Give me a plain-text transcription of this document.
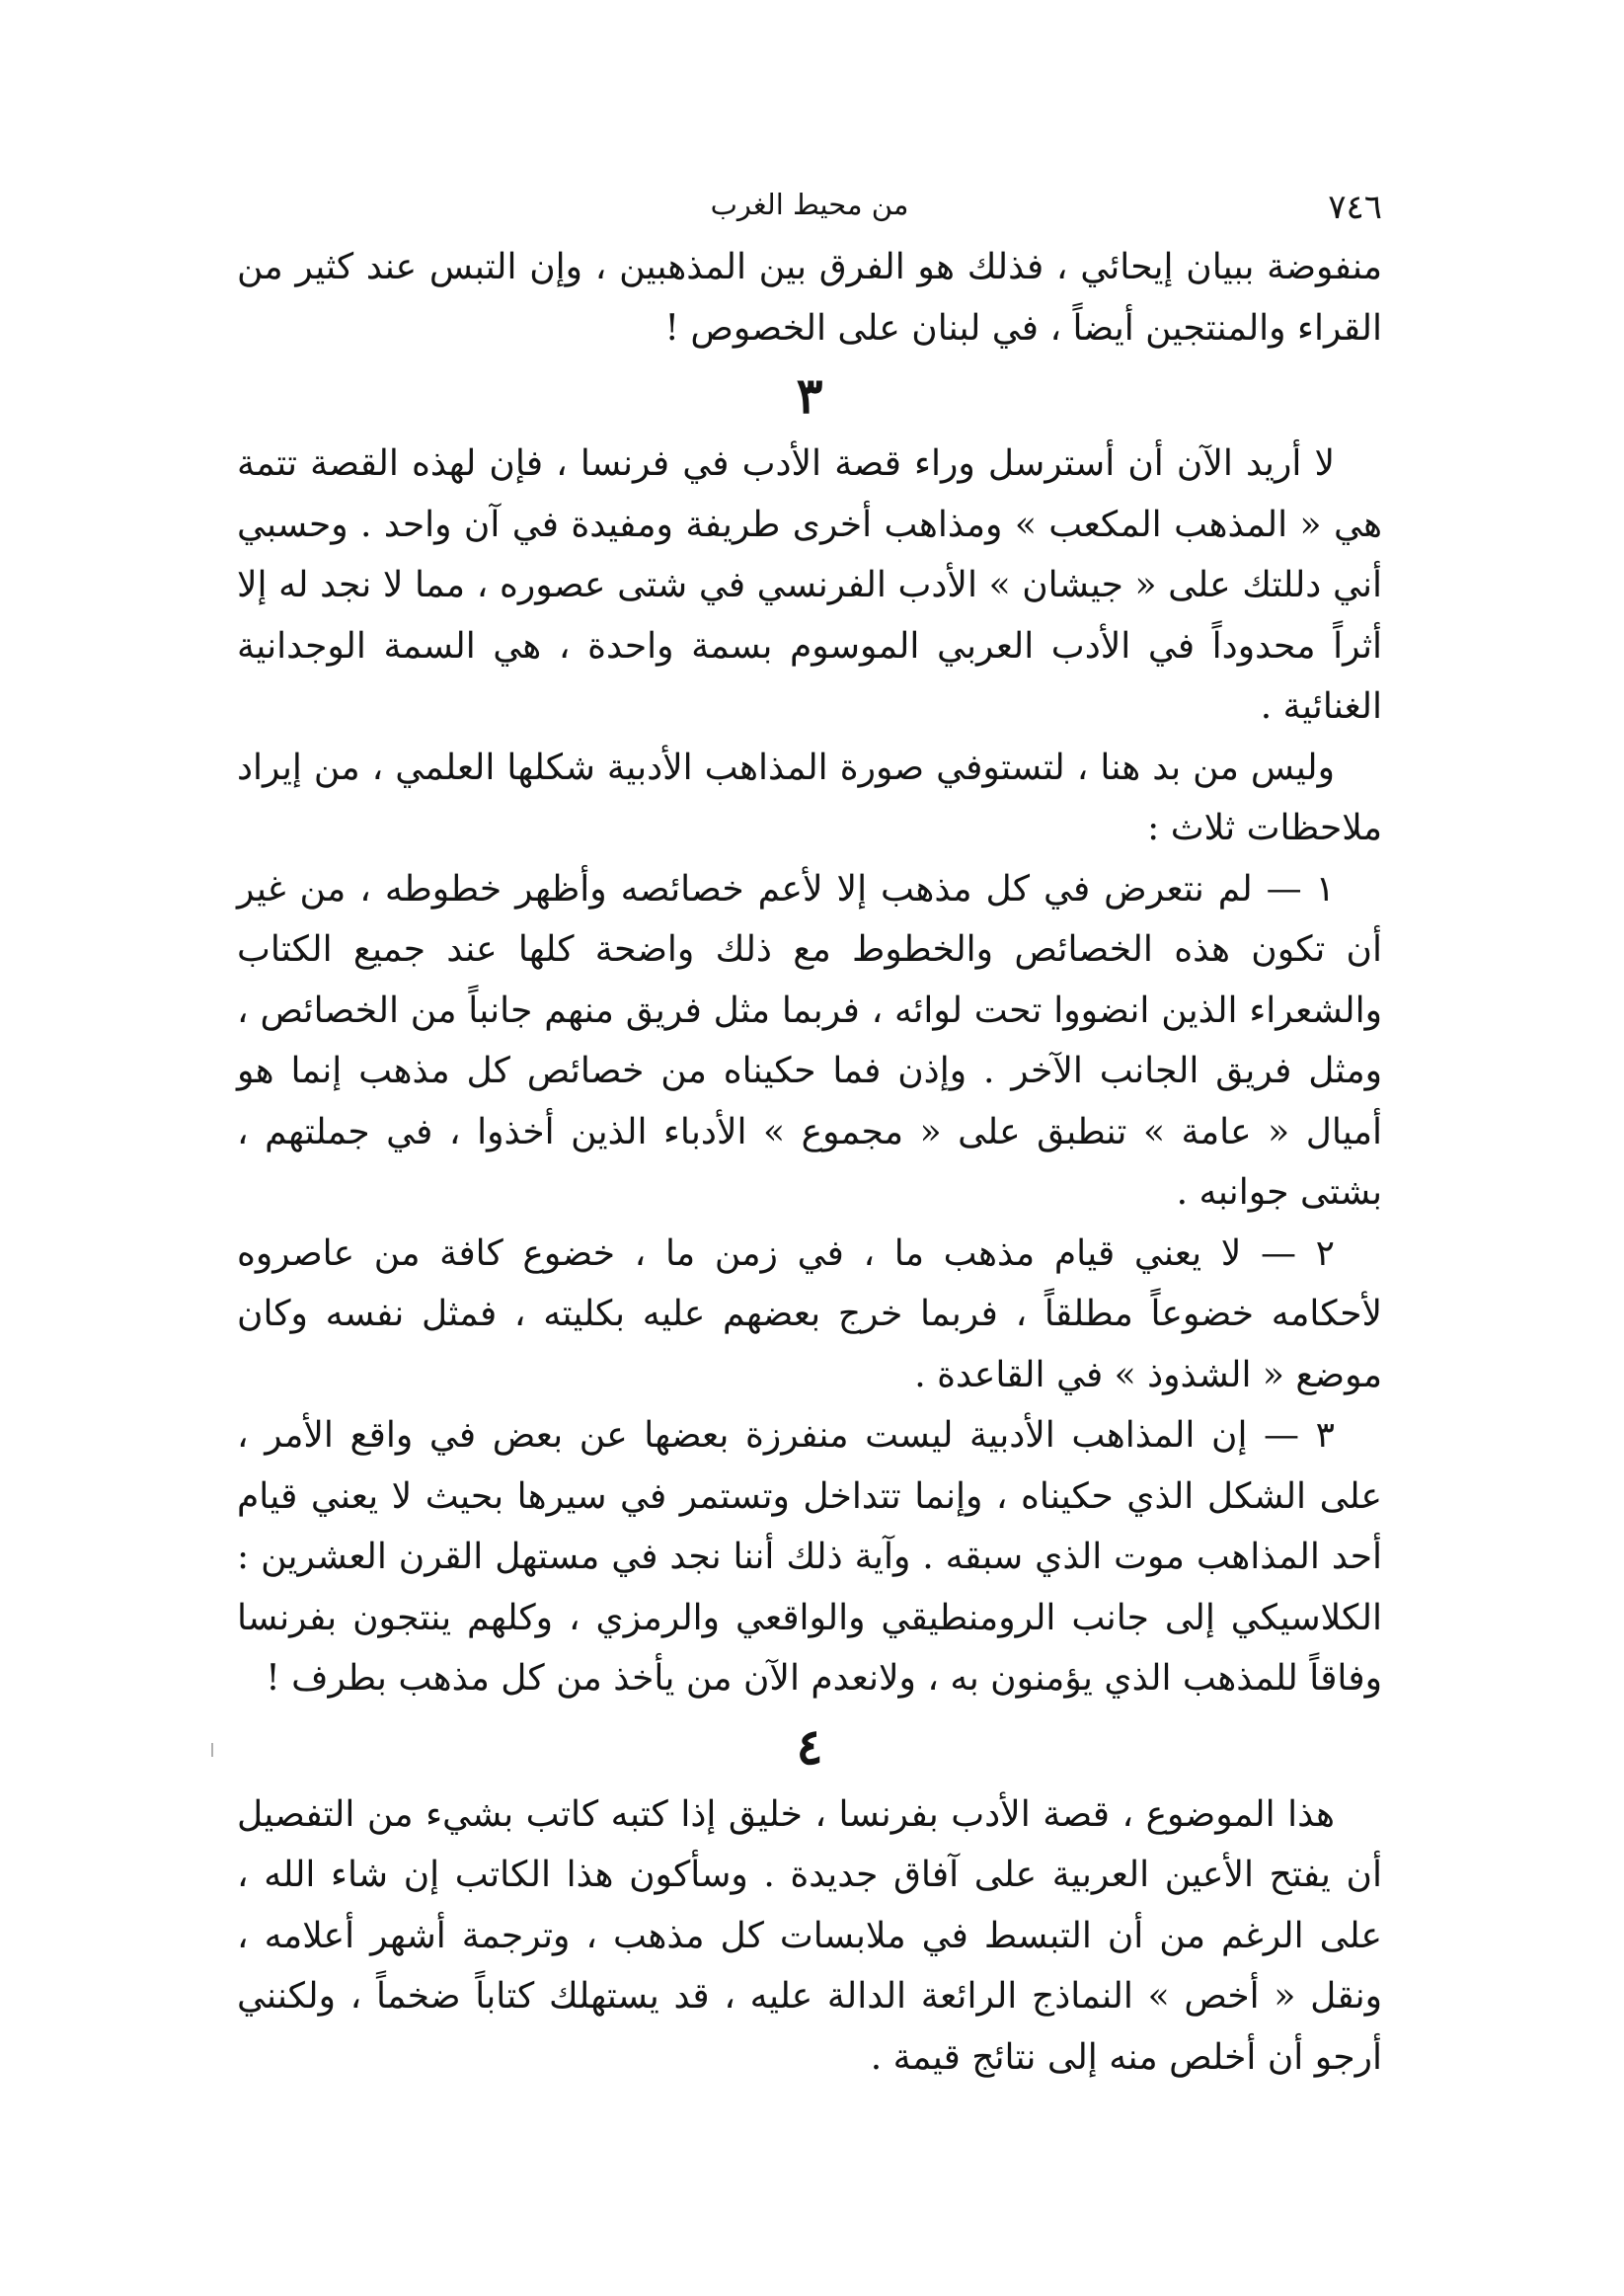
٧٤٦
من محيط الغرب

منفوضة ببيان إيحائي ، فذلك هو الفرق بين المذهبين ، وإن التبس عند كثير من القراء والمنتجين أيضاً ، في لبنان على الخصوص !

٣

لا أريد الآن أن أسترسل وراء قصة الأدب في فرنسا ، فإن لهذه القصة تتمة هي « المذهب المكعب » ومذاهب أخرى طريفة ومفيدة في آن واحد . وحسبي أني دللتك على « جيشان » الأدب الفرنسي في شتى عصوره ، مما لا نجد له إلا أثراً محدوداً في الأدب العربي الموسوم بسمة واحدة ، هي السمة الوجدانية الغنائية .

وليس من بد هنا ، لتستوفي صورة المذاهب الأدبية شكلها العلمي ، من إيراد ملاحظات ثلاث :

١ — لم نتعرض في كل مذهب إلا لأعم خصائصه وأظهر خطوطه ، من غير أن تكون هذه الخصائص والخطوط مع ذلك واضحة كلها عند جميع الكتاب والشعراء الذين انضووا تحت لوائه ، فربما مثل فريق منهم جانباً من الخصائص ، ومثل فريق الجانب الآخر . وإذن فما حكيناه من خصائص كل مذهب إنما هو أميال « عامة » تنطبق على « مجموع » الأدباء الذين أخذوا ، في جملتهم ، بشتى جوانبه .

٢ — لا يعني قيام مذهب ما ، في زمن ما ، خضوع كافة من عاصروه لأحكامه خضوعاً مطلقاً ، فربما خرج بعضهم عليه بكليته ، فمثل نفسه وكان موضع « الشذوذ » في القاعدة .

٣ — إن المذاهب الأدبية ليست منفرزة بعضها عن بعض في واقع الأمر ، على الشكل الذي حكيناه ، وإنما تتداخل وتستمر في سيرها بحيث لا يعني قيام أحد المذاهب موت الذي سبقه . وآية ذلك أننا نجد في مستهل القرن العشرين : الكلاسيكي إلى جانب الرومنطيقي والواقعي والرمزي ، وكلهم ينتجون بفرنسا وفاقاً للمذهب الذي يؤمنون به ، ولانعدم الآن من يأخذ من كل مذهب بطرف !

٤

هذا الموضوع ، قصة الأدب بفرنسا ، خليق إذا كتبه كاتب بشيء من التفصيل أن يفتح الأعين العربية على آفاق جديدة . وسأكون هذا الكاتب إن شاء الله ، على الرغم من أن التبسط في ملابسات كل مذهب ، وترجمة أشهر أعلامه ، ونقل « أخص » النماذج الرائعة الدالة عليه ، قد يستهلك كتاباً ضخماً ، ولكنني أرجو أن أخلص منه إلى نتائج قيمة .
